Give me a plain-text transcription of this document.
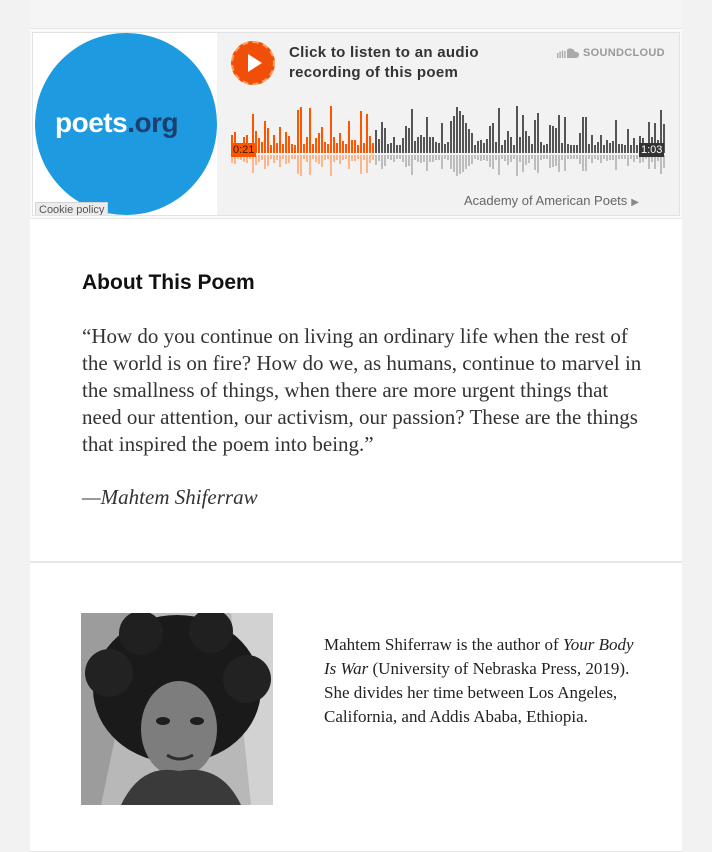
poets.org
Cookie policy
Click to listen to an audio recording of this poem
SOUNDCLOUD
0:21	1:03
Academy of American Poets ▶
About This Poem

“How do you continue on living an ordinary life when the rest of the world is on fire? How do we, as humans, continue to marvel in the smallness of things, when there are more urgent things that need our attention, our activism, our passion? These are the things that inspired the poem into being.”

—Mahtem Shiferraw

Mahtem Shiferraw is the author of Your Body Is War (University of Nebraska Press, 2019). She divides her time between Los Angeles, California, and Addis Ababa, Ethiopia.
